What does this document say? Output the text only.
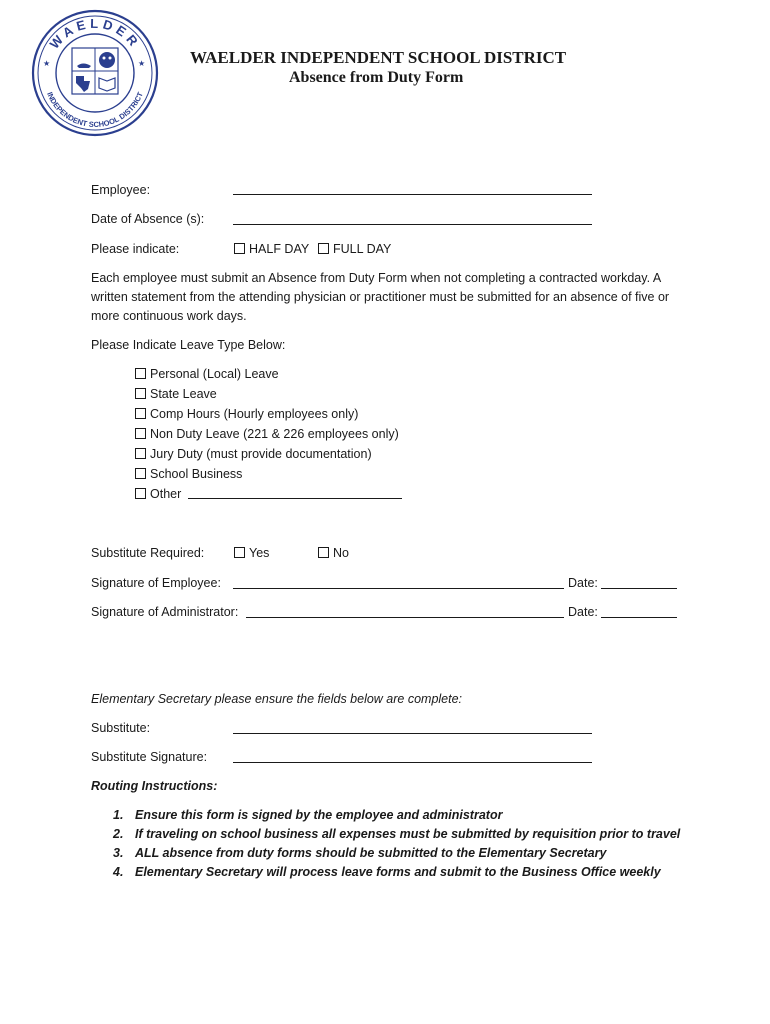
WAELDER
INDEPENDENT SCHOOL DISTRICT
★	★	WAELDER INDEPENDENT SCHOOL DISTRICT
Absence from Duty Form
Employee:
Date of Absence (s):
Please indicate:	HALF DAY	FULL DAY
Each employee must submit an Absence from Duty Form when not completing a contracted workday. A written statement from the attending physician or practitioner must be submitted for an absence of five or more continuous work days.
Please Indicate Leave Type Below:
Personal (Local) Leave
State Leave
Comp Hours (Hourly employees only)
Non Duty Leave (221 & 226 employees only)
Jury Duty (must provide documentation)
School Business
Other
Substitute Required:	Yes	No
Signature of Employee:	Date:
Signature of Administrator:	Date:
Elementary Secretary please ensure the fields below are complete:
Substitute:
Substitute Signature:
Routing Instructions:
1. Ensure this form is signed by the employee and administrator
2. If traveling on school business all expenses must be submitted by requisition prior to travel
3. ALL absence from duty forms should be submitted to the Elementary Secretary
4. Elementary Secretary will process leave forms and submit to the Business Office weekly
